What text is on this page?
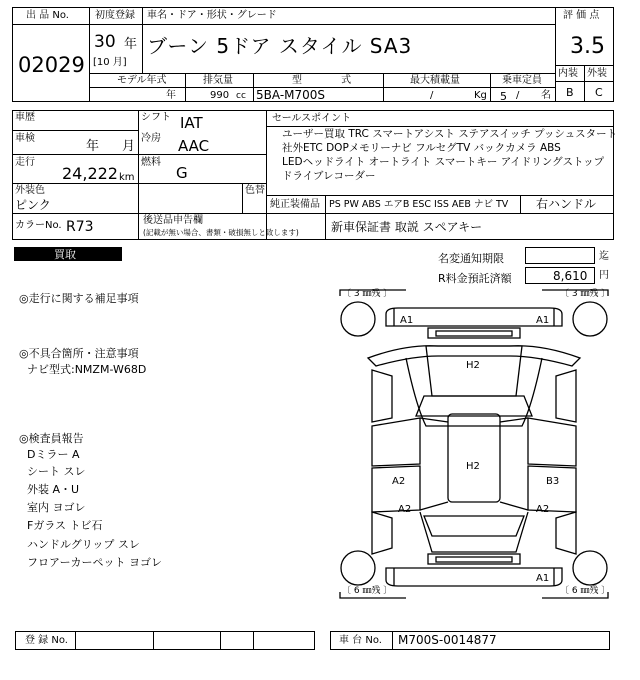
出 品 No.
02029
初度登録
30 年
[10 月]
車名・ドア・形状・グレード
ブーン 5ドア スタイル SA3
評 価 点
3.5
内装 外装
B C
モデル年式
年
排気量
990 cc
型 式
5BA-M700S
最大積載量
/	Kg
乗車定員
5 / 名
車歴
車検
年 月
走行
24,222 km
シフト IAT
冷房 AAC
燃料
G
外装色
ピンク
色替
カラーNo. R73	後送品申告欄
(記載が無い場合、書類・破損無しと致します)
セールスポイント
ユーザー買取 TRC スマートアシスト ステアスイッチ プッシュスタート
社外ETC DOPメモリーナビ フルセグTV バックカメラ ABS
LEDヘッドライト オートライト スマートキー アイドリングストップ
ドライブレコーダー
純正装備品 PS PW ABS エアB ESC ISS AEB ナビ TV 右ハンドル
新車保証書 取説 スペアキー
買取	名変通知期限	迄
R料金預託済額	8,610 円
◎走行に関する補足事項
◎不具合箇所・注意事項
ナビ型式:NMZM-W68D
◎検査員報告
Dミラー A
シート スレ
外装 A・U
室内 ヨゴレ
Fガラス トビ石
ハンドルグリップ スレ
フロアーカーペット ヨゴレ
〔 3 ㎜残 〕	〔 3 ㎜残 〕
〔 6 ㎜残 〕	〔 6 ㎜残 〕
A1	A1
H2
H2
A2	B3
A2	A2
A1
登 録 No.	車 台 No. M700S-0014877
